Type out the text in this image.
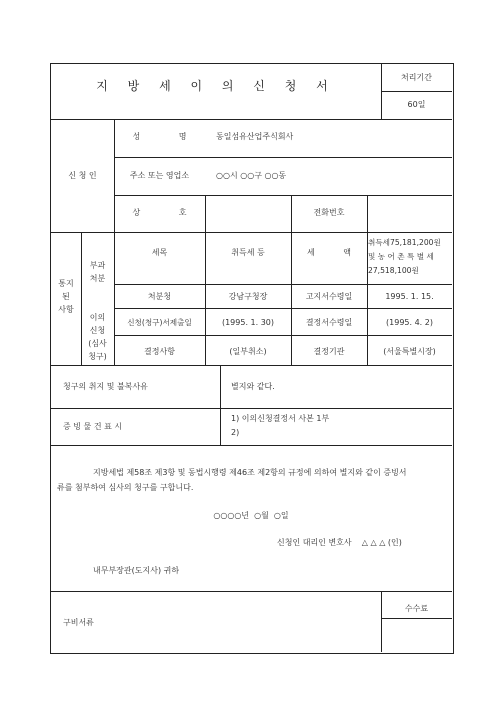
지 방 세 이 의 신 청 서
처리기간
60일
신 청 인
성 명	동일섬유산업주식회사
주소 또는 영업소	○○시 ○○구 ○○동
상 호	전화번호
통지
된
사항
부과
처분
세목	취득세 등	세 액
취득세75,181,200원
및 농 어 촌 특 별 세
27,518,100원
처분청	강남구청장	고지서수령일	1995. 1. 15.
이의
신청
(심사
청구)
신청(청구)서제출일	(1995. 1. 30)	결정서수령일	(1995. 4. 2)
결정사항	(일부취소)	결정기관	(서울특별시장)
청구의 취지 및 불복사유	별지와 같다.
증 빙 물 건 표 시
1) 이의신청결정서 사본 1부
2)
지방세법 제58조 제3항 및 동법시행령 제46조 제2항의 규정에 의하여 별지와 같이 증빙서
류를 첨부하여 심사의 청구를 구합니다.
○○○○년  ○월  ○일
신청인 대리인 변호사    △ △ △ (인)
내무부장관(도지사) 귀하
구비서류
수수료
